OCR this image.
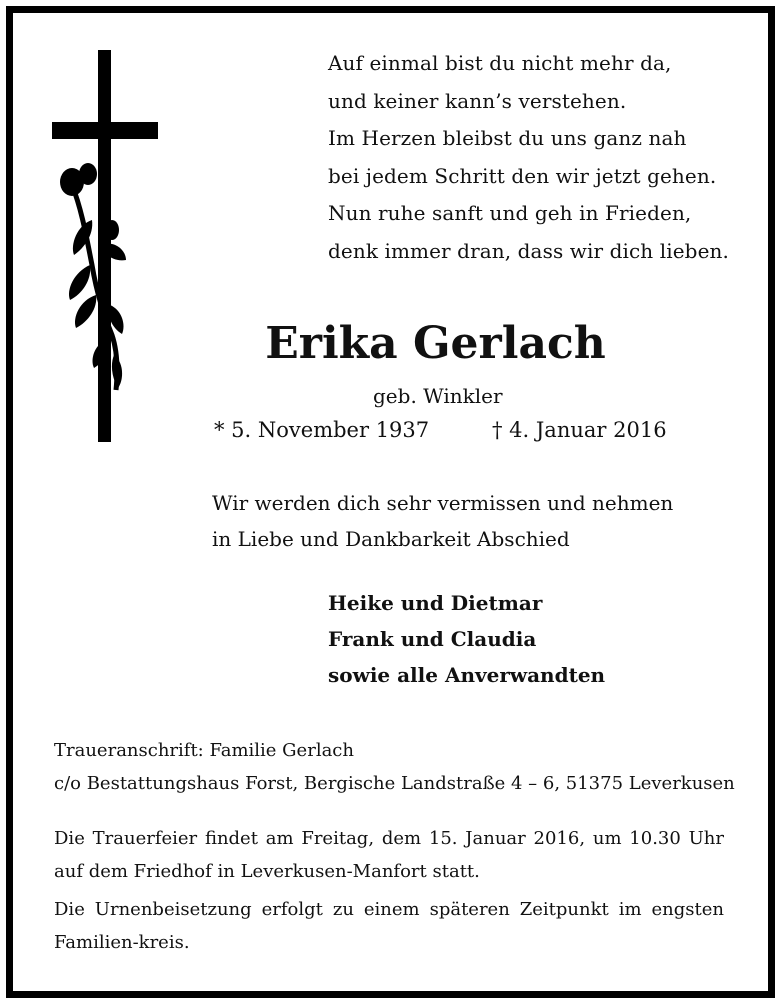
Auf einmal bist du nicht mehr da,
und keiner kann’s verstehen.
Im Herzen bleibst du uns ganz nah
bei jedem Schritt den wir jetzt gehen.
Nun ruhe sanft und geh in Frieden,
denk immer dran, dass wir dich lieben.
Erika Gerlach
geb. Winkler
* 5. November 1937	† 4. Januar 2016
Wir werden dich sehr vermissen und nehmen
in Liebe und Dankbarkeit Abschied
Heike und Dietmar
Frank und Claudia
sowie alle Anverwandten
Traueranschrift: Familie Gerlach
c/o Bestattungshaus Forst, Bergische Landstraße 4 – 6, 51375 Leverkusen
Die Trauerfeier findet am Freitag, dem 15. Januar 2016, um 10.30 Uhr auf dem Friedhof in Leverkusen-Manfort statt.
Die Urnenbeisetzung erfolgt zu einem späteren Zeitpunkt im engsten Familien-kreis.
